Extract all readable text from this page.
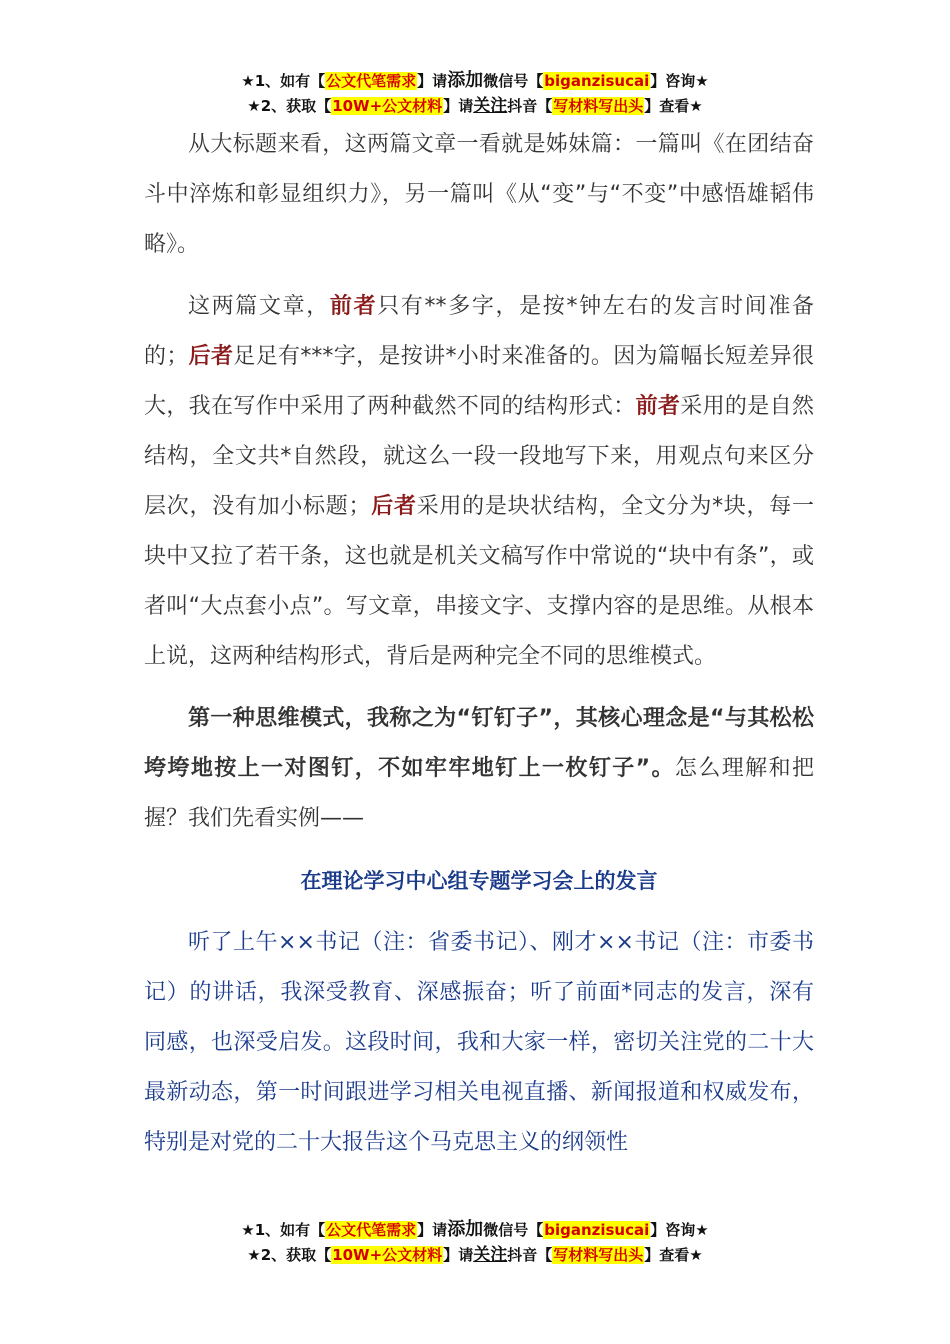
★1、如有【公文代笔需求】请添加微信号【biganzisucai】咨询★
★2、获取【10W+公文材料】请关注抖音【写材料写出头】查看★

从大标题来看，这两篇文章一看就是姊妹篇：一篇叫《在团结奋斗中淬炼和彰显组织力》，另一篇叫《从“变”与“不变”中感悟雄韬伟略》。

这两篇文章，前者只有**多字，是按*钟左右的发言时间准备的；后者足足有***字，是按讲*小时来准备的。因为篇幅长短差异很大，我在写作中采用了两种截然不同的结构形式：前者采用的是自然结构，全文共*自然段，就这么一段一段地写下来，用观点句来区分层次，没有加小标题；后者采用的是块状结构，全文分为*块，每一块中又拉了若干条，这也就是机关文稿写作中常说的“块中有条”，或者叫“大点套小点”。写文章，串接文字、支撑内容的是思维。从根本上说，这两种结构形式，背后是两种完全不同的思维模式。

第一种思维模式，我称之为“钉钉子”，其核心理念是“与其松松垮垮地按上一对图钉，不如牢牢地钉上一枚钉子”。怎么理解和把握？我们先看实例——

在理论学习中心组专题学习会上的发言

听了上午××书记（注：省委书记）、刚才××书记（注：市委书记）的讲话，我深受教育、深感振奋；听了前面*同志的发言，深有同感，也深受启发。这段时间，我和大家一样，密切关注党的二十大最新动态，第一时间跟进学习相关电视直播、新闻报道和权威发布，特别是对党的二十大报告这个马克思主义的纲领性

★1、如有【公文代笔需求】请添加微信号【biganzisucai】咨询★
★2、获取【10W+公文材料】请关注抖音【写材料写出头】查看★
